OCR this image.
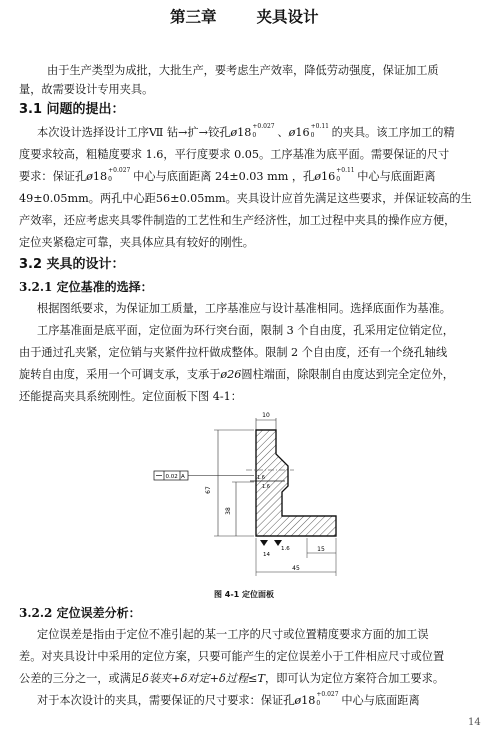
第三章	夹具设计
由于生产类型为成批，大批生产，要考虑生产效率，降低劳动强度，保证加工质
量，故需要设计专用夹具。
3.1 问题的提出：
本次设计选择设计工序Ⅶ 钻→扩→铰孔ø18 +0.027
0 、ø16 +0.11
0 的夹具。该工序加工的精
度要求较高，粗糙度要求 1.6，平行度要求 0.05。工序基准为底平面。需要保证的尺寸
要求：保证孔ø18 +0.027
0 中心与底面距离 24±0.03 mm ，孔ø16 +0.11
0 中心与底面距离
49±0.05mm。两孔中心距56±0.05mm。夹具设计应首先满足这些要求，并保证较高的生
产效率，还应考虑夹具零件制造的工艺性和生产经济性，加工过程中夹具的操作应方便，
定位夹紧稳定可靠，夹具体应具有较好的刚性。
3.2 夹具的设计：
3.2.1 定位基准的选择：
根据图纸要求，为保证加工质量，工序基准应与设计基准相同。选择底面作为基准。
工序基准面是底平面，定位面为环行突台面，限制 3 个自由度，孔采用定位销定位，
由于通过孔夹紧，定位销与夹紧件拉杆做成整体。限制 2 个自由度，还有一个绕孔轴线
旋转自由度，采用一个可调支承，支承于ø26圆柱端面，除限制自由度达到完全定位外，
还能提高夹具系统刚性。定位面板下图 4-1：
10
1.6
1.6
0.02 A
67
38
14
1.6	15
45
图 4-1 定位面板
3.2.2 定位误差分析：
定位误差是指由于定位不准引起的某一工序的尺寸或位置精度要求方面的加工误
差。对夹具设计中采用的定位方案，只要可能产生的定位误差小于工件相应尺寸或位置
公差的三分之一，或满足δ装夹+δ对定+δ过程≤T，即可认为定位方案符合加工要求。
对于本次设计的夹具，需要保证的尺寸要求：保证孔ø18 +0.027
0 中心与底面距离
14
